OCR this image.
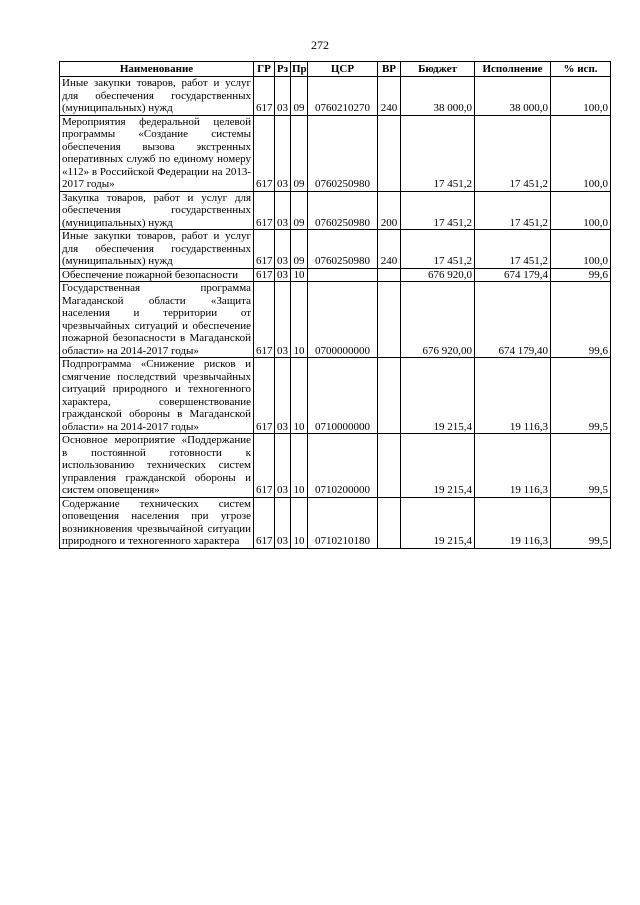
272
Наименование	ГР	Рз	Пр	ЦСР	ВР	Бюджет	Исполнение	% исп.
Иные закупки товаров, работ и услуг для обеспечения государственных (муниципальных) нужд	617	03	09	0760210270	240	38 000,0	38 000,0	100,0
Мероприятия федеральной целевой программы «Создание системы обеспечения вызова экстренных оперативных служб по единому номеру «112» в Российской Федерации на 2013-2017 годы»	617	03	09	0760250980		17 451,2	17 451,2	100,0
Закупка товаров, работ и услуг для обеспечения государственных (муниципальных) нужд	617	03	09	0760250980	200	17 451,2	17 451,2	100,0
Иные закупки товаров, работ и услуг для обеспечения государственных (муниципальных) нужд	617	03	09	0760250980	240	17 451,2	17 451,2	100,0
Обеспечение пожарной безопасности	617	03	10			676 920,0	674 179,4	99,6
Государственная программа Магаданской области «Защита населения и территории от чрезвычайных ситуаций и обеспечение пожарной безопасности в Магаданской области» на 2014-2017 годы»	617	03	10	0700000000		676 920,00	674 179,40	99,6
Подпрограмма «Снижение рисков и смягчение последствий чрезвычайных ситуаций природного и техногенного характера, совершенствование гражданской обороны в Магаданской области» на 2014-2017 годы»	617	03	10	0710000000		19 215,4	19 116,3	99,5
Основное мероприятие «Поддержание в постоянной готовности к использованию технических систем управления гражданской обороны и систем оповещения»	617	03	10	0710200000		19 215,4	19 116,3	99,5
Содержание технических систем оповещения населения при угрозе возникновения чрезвычайной ситуации природного и техногенного характера	617	03	10	0710210180		19 215,4	19 116,3	99,5
